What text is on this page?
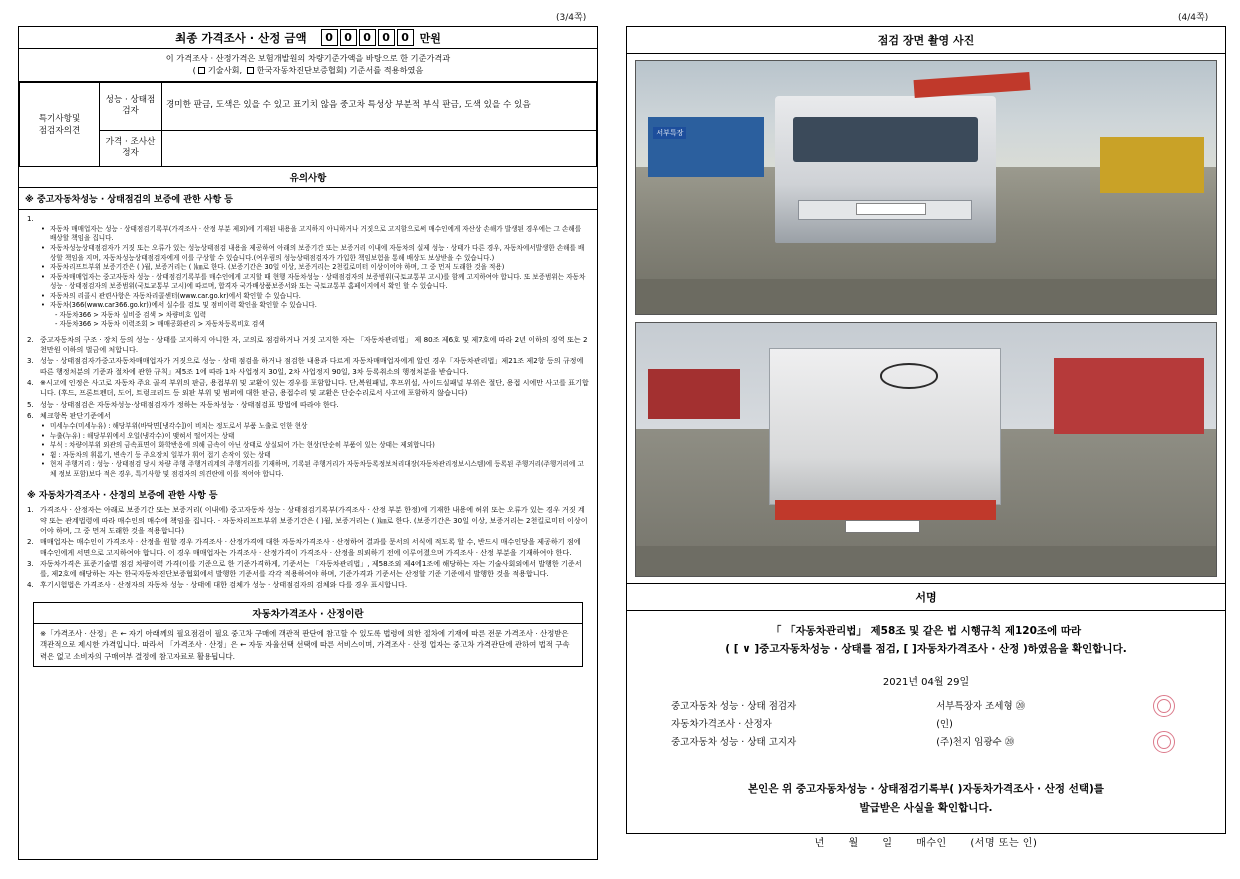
(3/4쪽)	(4/4쪽)
최종 가격조사 · 산정 금액	0	0	0	0	0 만원
이 가격조사 · 산정가격은 보험개발원의 차량기준가액을 바탕으로 한 기준가격과
( 기술사회, 한국자동차진단보증협회) 기준서를 적용하였음
특기사항및
점검자의견	성능 · 상태점검자	경미한 판금, 도색은 있을 수 있고 표기치 않음 중고차 특성상 부분적 부식 판금, 도색 있을 수 있음
	가격 · 조사산정자	
유의사항
※ 중고자동차성능 · 상태점검의 보증에 관한 사항 등
1.
• 자동차 매매업자는 성능 · 상태점검기록부(가격조사 · 산정 부분 제외)에 기재된 내용을 고지하지 아니하거나 거짓으로 고지함으로써 매수인에게 자산상 손해가 발생된 경우에는 그 손해를 배상할 책임을 집니다.
• 자동차성능상태점검자가 거짓 또는 오류가 있는 성능상태점검 내용을 제공하여 아래의 보증기간 또는 보증거리 이내에 자동차의 실제 성능 · 상태가 다른 경우, 자동차에서발생한 손해를 배상할 책임을 지며, 자동차성능상태점검자에게 이를 구상할 수 있습니다.(여우림의 성능상태점검자가 가입한 책임보험을 통해 배상도 보상받을 수 있습니다.)
• 자동차리프트부위 보증기간은 ( )월, 보증거리는 ( )㎞로 한다. (보증기간은 30일 이상, 보증거리는 2천킬로미터 이상이어야 하며, 그 중 먼저 도래한 것을 적용)
• 자동차매매업자는 중고자동차 성능 · 상태점검기록부를 매수인에게 고지할 때 현행 자동차성능 · 상태점검자의 보증범위(국토교통부 고시)를 함께 고지하여야 합니다. 또 보증범위는 자동차성능 · 상태점검자의 보증범위(국토교통부 고시)에 따르며, 합격자 국가배상품보증서와 또는 국토교통부 홈페이지에서 확인 할 수 있습니다.
• 자동차의 리콜시 관련사항은 자동차리콜센터(www.car.go.kr)에서 확인할 수 있습니다.
• 자동차(366(www.car366.go.kr))에서 실수를 검토 및 점비이력 확인을 확인할 수 있습니다.
- 자동차366 > 자동차 실비중 검색 > 차량비호 입력
- 자동차366 > 자동차 이력조회 > 매매공화관리 > 자동차등록비호 검색
2. 중고자동차의 구조 · 장치 등의 성능 · 상태를 고지하지 아니한 자, 고의로 점검하거나 거짓 고지한 자는 「자동차관리법」 제 80조 제6호 및 제7호에 따라 2년 이하의 징역 또는 2천만원 이하의 벌금에 처합니다.
3. 성능 · 상태점검자가중고자동차매매업자가 거짓으로 성능 · 상태 점검을 하거나 점검한 내용과 다르게 자동차매매업자에게 알린 경우「자동차관리법」제21조 제2항 등의 규정에 따른 행정처분의 기준과 절차에 관한 규칙」제5조 1에 따라 1차 사업정지 30일, 2차 사업정지 90일, 3차 등록취소의 행정처분을 받습니다.
4. ※시고에 인정은 사고로 자동차 주요 골격 부위의 판금, 용접부위 및 교환이 있는 경우를 포함합니다. 단,복원패널, 후프위설, 사이드실패널 부위은 절단, 용접 시에만 사고를 표기합니다. (후드, 프론트펜더, 도어, 트렁크리드 등 외판 부위 및 범퍼에 대한 판금, 용접수리 및 교환은 단순수리로서 사고에 포함하지 않습니다)
5. 성능 · 상태점검은 자동차성능·상태점검자가 정하는 자동차성능 · 상태점검표 방법에 따라야 한다.
6. 체크항목 판단기준에서
• 미세누수(미세누유) : 해당부위(바닥면[냉각수])이 비치는 정도로서 부품 노출로 인한 현상
• 누출(누유) : 해당부위에서 오일(냉각수)이 맺혀서 떨어지는 상태
• 부식 : 차량이부위 외관의 금속표면이 화학반응에 의해 금속이 아닌 상태로 상실되어 가는 현상(단순히 부품이 있는 상태는 제외합니다)
• 휨 : 자동차의 휘롬기, 변속기 등 주요장치 일부가 휘어 접기 손작이 있는 상태
• 현저 주행거리 : 성능 · 상태점검 당시 차량 주행 주행거리계의 주행거리를 기재하며, 기록된 주행거리가 자동차등록정보처리대장(자동차관리정보시스템)에 등록된 주행거리(주행거리에 고체 정보 포함)보다 적은 경우, 특기사항 및 점검자의 의견란에 이를 적어야 합니다.
※ 자동차가격조사 · 산정의 보증에 관한 사항 등
1. 가격조사 · 산정자는 아래로 보증기간 또는 보증거리( 이내에) 중고자동차 성능 · 상태점검기록부(가격조사 · 산정 부분 한정)에 기재한 내용에 허위 또는 오류가 있는 경우 거짓 계약 또는 관계법령에 따라 매수인의 매수에 책임을 집니다. · 자동차리프트부위 보증기간은 ( )월, 보증거리는 ( )㎞로 한다. (보증기간은 30일 이상, 보증거리는 2천킬로미터 이상이어야 하며, 그 중 먼저 도래한 것을 적용합니다)
2. 매매업자는 매수인이 가격조사 · 산정을 원할 경우 가격조사 · 산정가격에 대한 자동차가격조사 · 산정하여 결과를 문서의 서식에 적도록 할 수, 반드시 매수인당을 제공하기 점에 매수인에게 서면으로 고지하여야 합니다. 이 경우 매매업자는 가격조사 · 산정가격이 가격조사 · 산정을 의뢰하기 전에 이루어졌으며 가격조사 · 산정 부분을 기재하여야 한다.
3. 자동차가격은 표준기술별 점검 차량이력 가격(이를 기준으로 한 기준가격하게, 기준서는 「자동차관리법」, 제58조외 제4에1조에 해당하는 자는 기술사회외에서 발행한 기준서를, 제2호에 해당하는 자는 한국자동차진단보증협회에서 발행한 기준서를 각각 적용하여야 하며, 기준가격과 기준서는 산정할 기준 기준에서 발행한 것을 적용합니다.
4. 후기시험법은 가격조사 · 산정자의 자동차 성능 · 상태에 대한 검체가 성능 · 상태점검자의 검체와 다를 경우 표시합니다.
자동차가격조사 · 산정이란
※「가격조사 · 산정」은 ← 자기 아래께의 필요점검이 필요 중고차 구매에 객관적 판단에 참고할 수 있도록 법령에 의한 절차에 기재에 따른 전문 가격조사 · 산정받은 객관적으로 제시한 가격입니다. 따라서 「가격조사 · 산정」은 ← 자동 자율선택 선택에 따른 서비스이며, 가격조사 · 산정 업자는 중고차 가격관단에 관하여 법적 구속력은 없고 소비자의 구매여부 결정에 참고자료로 활용됩니다.
점검 장면 촬영 사진
서부특장
서명
「 「자동차관리법」 제58조 및 같은 법 시행규칙 제120조에 따라
( [ ∨ ]중고자동차성능 · 상태를 점검, [ ]자동차가격조사 · 산정 )하였음을 확인합니다.
2021년 04월 29일
중고자동차 성능 · 상태 점검자	서부특장자 조세형 ⑳
자동차가격조사 · 산정자	(인)
중고자동차 성능 · 상태 고지자	(주)천지 임광수 ⑳
본인은 위 중고자동차성능 · 상태점검기록부( )자동차가격조사 · 산정 선택)를
발급받은 사실을 확인합니다.
년 월 일 매수인 (서명 또는 인)
